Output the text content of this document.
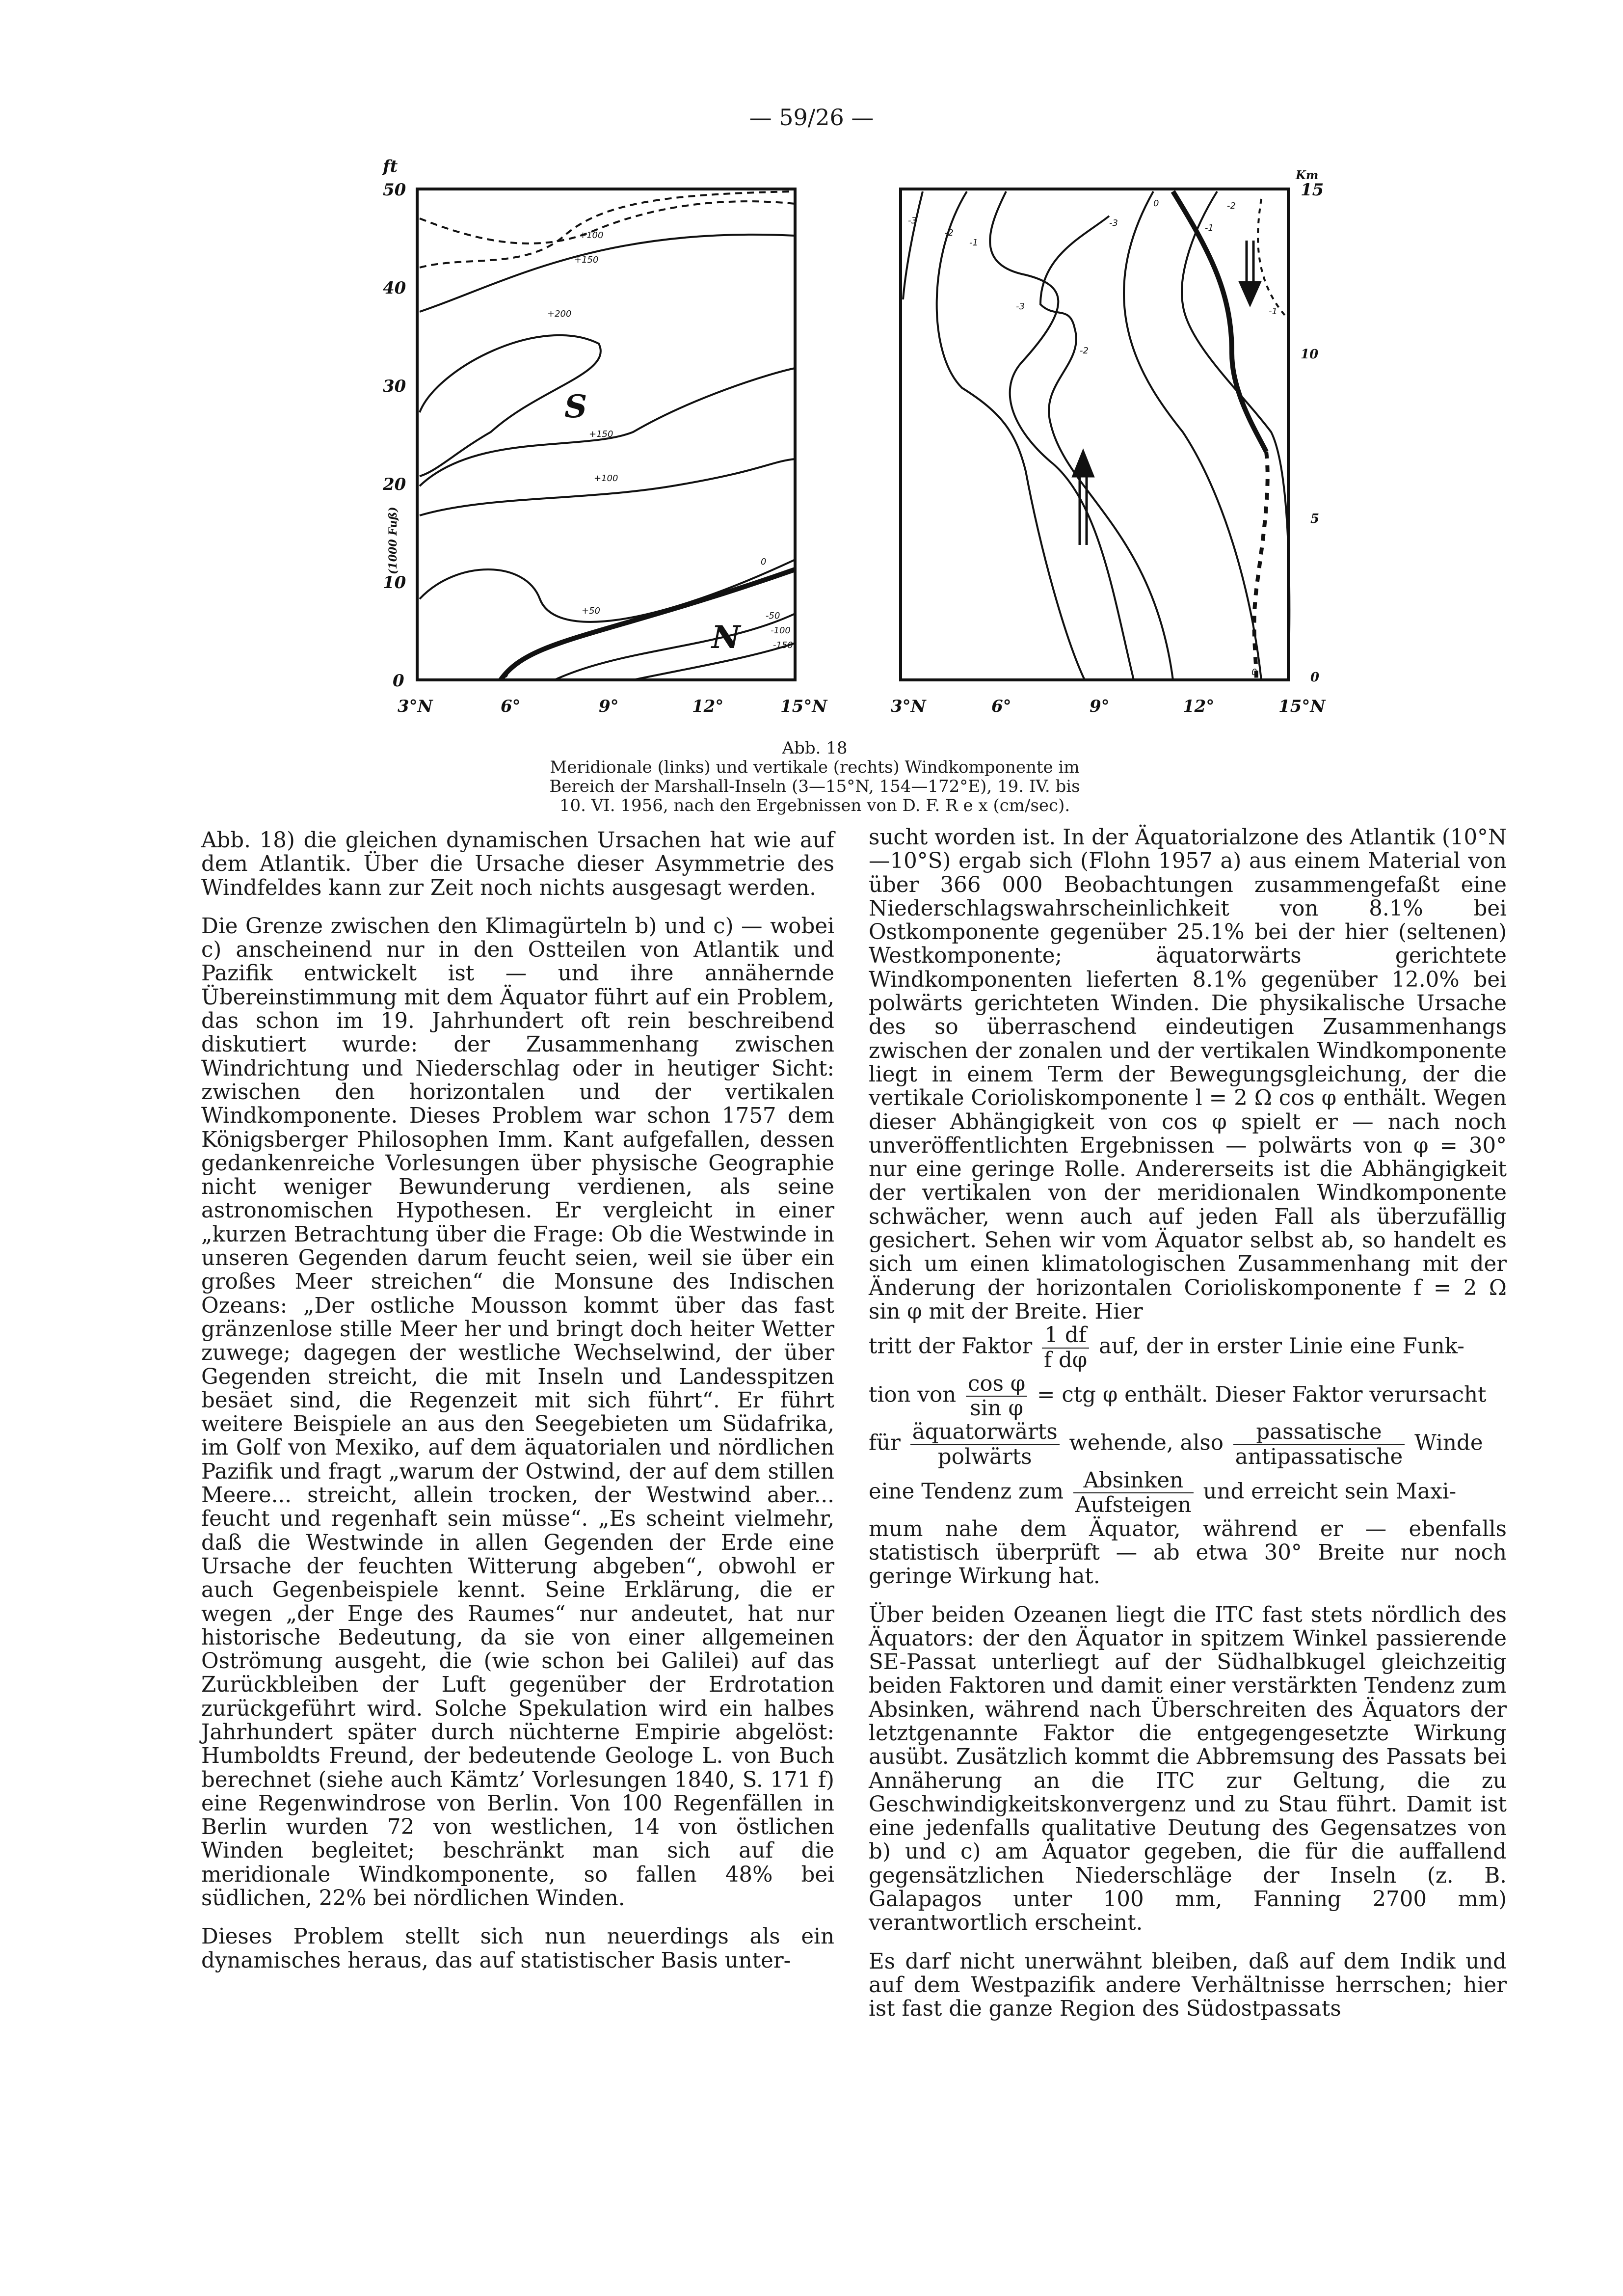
— 59/26 —
ft
50
40
30
20
10
0
3°N	6°	9°	12°	15°N
(1000 Fuß)
S
N
+100
+150
+200
+150
+100
+50
0
-50
-100
-150
0
Km
15
10
5
0
3°N	6°	9°	12°	15°N
-3
-2
-1
0	-2
-1
-3
-3
-2
-1
0
Abb. 18
Meridionale (links) und vertikale (rechts) Windkomponente im
Bereich der Marshall-Inseln (3—15°N, 154—172°E), 19. IV. bis
10. VI. 1956, nach den Ergebnissen von D. F. R e x (cm/sec).

Abb. 18) die gleichen dynamischen Ursachen hat wie auf dem Atlantik. Über die Ursache dieser Asymmetrie des Windfeldes kann zur Zeit noch nichts ausgesagt werden.

Die Grenze zwischen den Klimagürteln b) und c) — wobei c) anscheinend nur in den Ostteilen von Atlantik und Pazifik entwickelt ist — und ihre annähernde Übereinstimmung mit dem Äquator führt auf ein Problem, das schon im 19. Jahrhundert oft rein beschreibend diskutiert wurde: der Zusammenhang zwischen Windrichtung und Niederschlag oder in heutiger Sicht: zwischen den horizontalen und der vertikalen Windkomponente. Dieses Problem war schon 1757 dem Königsberger Philosophen Imm. Kant aufgefallen, dessen gedankenreiche Vorlesungen über physische Geographie nicht weniger Bewunderung verdienen, als seine astronomischen Hypothesen. Er vergleicht in einer „kurzen Betrachtung über die Frage: Ob die Westwinde in unseren Gegenden darum feucht seien, weil sie über ein großes Meer streichen“ die Monsune des Indischen Ozeans: „Der ostliche Mousson kommt über das fast gränzenlose stille Meer her und bringt doch heiter Wetter zuwege; dagegen der westliche Wechselwind, der über Gegenden streicht, die mit Inseln und Landesspitzen besäet sind, die Regenzeit mit sich führt“. Er führt weitere Beispiele an aus den Seegebieten um Südafrika, im Golf von Mexiko, auf dem äquatorialen und nördlichen Pazifik und fragt „warum der Ostwind, der auf dem stillen Meere... streicht, allein trocken, der Westwind aber... feucht und regenhaft sein müsse“. „Es scheint vielmehr, daß die Westwinde in allen Gegenden der Erde eine Ursache der feuchten Witterung abgeben“, obwohl er auch Gegenbeispiele kennt. Seine Erklärung, die er wegen „der Enge des Raumes“ nur andeutet, hat nur historische Bedeutung, da sie von einer allgemeinen Oströmung ausgeht, die (wie schon bei Galilei) auf das Zurückbleiben der Luft gegenüber der Erdrotation zurückgeführt wird. Solche Spekulation wird ein halbes Jahrhundert später durch nüchterne Empirie abgelöst: Humboldts Freund, der bedeutende Geologe L. von Buch berechnet (siehe auch Kämtz’ Vorlesungen 1840, S. 171 f) eine Regenwindrose von Berlin. Von 100 Regenfällen in Berlin wurden 72 von westlichen, 14 von östlichen Winden begleitet; beschränkt man sich auf die meridionale Windkomponente, so fallen 48% bei südlichen, 22% bei nördlichen Winden.

Dieses Problem stellt sich nun neuerdings als ein dynamisches heraus, das auf statistischer Basis unter-

sucht worden ist. In der Äquatorialzone des Atlantik (10°N—10°S) ergab sich (Flohn 1957 a) aus einem Material von über 366 000 Beobachtungen zusammengefaßt eine Niederschlagswahrscheinlichkeit von 8.1% bei Ostkomponente gegenüber 25.1% bei der hier (seltenen) Westkomponente; äquatorwärts gerichtete Windkomponenten lieferten 8.1% gegenüber 12.0% bei polwärts gerichteten Winden. Die physikalische Ursache des so überraschend eindeutigen Zusammenhangs zwischen der zonalen und der vertikalen Windkomponente liegt in einem Term der Bewegungsgleichung, der die vertikale Corioliskomponente l = 2 Ω cos φ enthält. Wegen dieser Abhängigkeit von cos φ spielt er — nach noch unveröffentlichten Ergebnissen — polwärts von φ = 30° nur eine geringe Rolle. Andererseits ist die Abhängigkeit der vertikalen von der meridionalen Windkomponente schwächer, wenn auch auf jeden Fall als überzufällig gesichert. Sehen wir vom Äquator selbst ab, so handelt es sich um einen klimatologischen Zusammenhang mit der Änderung der horizontalen Corioliskomponente f = 2 Ω sin φ mit der Breite. Hier

tritt der Faktor $\frac{1 df}{\text{f dφ}}$ auf, der in erster Linie eine Funk-
tion von $\frac{\text{cos φ}}{\text{sin φ}}$ = ctg φ enthält. Dieser Faktor verursacht
für $\frac{\text{äquatorwärts}}{\text{polwärts}}$ wehende, also $\frac{\text{passatische}}{\text{antipassatische}}$ Winde
eine Tendenz zum $\frac{\text{Absinken}}{\text{Aufsteigen}}$ und erreicht sein Maxi-

mum nahe dem Äquator, während er — ebenfalls statistisch überprüft — ab etwa 30° Breite nur noch geringe Wirkung hat.

Über beiden Ozeanen liegt die ITC fast stets nördlich des Äquators: der den Äquator in spitzem Winkel passierende SE-Passat unterliegt auf der Südhalbkugel gleichzeitig beiden Faktoren und damit einer verstärkten Tendenz zum Absinken, während nach Überschreiten des Äquators der letztgenannte Faktor die entgegengesetzte Wirkung ausübt. Zusätzlich kommt die Abbremsung des Passats bei Annäherung an die ITC zur Geltung, die zu Geschwindigkeitskonvergenz und zu Stau führt. Damit ist eine jedenfalls qualitative Deutung des Gegensatzes von b) und c) am Äquator gegeben, die für die auffallend gegensätzlichen Niederschläge der Inseln (z. B. Galapagos unter 100 mm, Fanning 2700 mm) verantwortlich erscheint.

Es darf nicht unerwähnt bleiben, daß auf dem Indik und auf dem Westpazifik andere Verhältnisse herrschen; hier ist fast die ganze Region des Südostpassats
